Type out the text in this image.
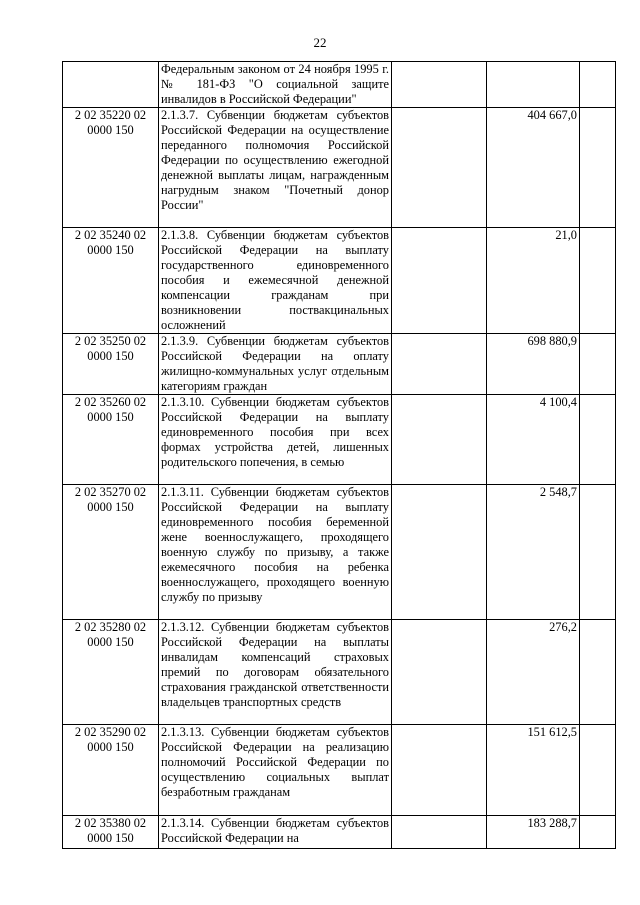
22
	Федеральным законом от 24 ноября 1995 г. № 181-ФЗ "О социальной защите инвалидов в Российской Федерации"			
2 02 35220 02 0000 150	2.1.3.7. Субвенции бюджетам субъектов Российской Федерации на осуществление переданного полномочия Российской Федерации по осуществлению ежегодной денежной выплаты лицам, награжденным нагрудным знаком "Почетный донор России"		404 667,0	
2 02 35240 02 0000 150	2.1.3.8. Субвенции бюджетам субъектов Российской Федерации на выплату государственного единовременного пособия и ежемесячной денежной компенсации гражданам при возникновении поствакцинальных осложнений		21,0	
2 02 35250 02 0000 150	2.1.3.9. Субвенции бюджетам субъектов Российской Федерации на оплату жилищно-коммунальных услуг отдельным категориям граждан		698 880,9	
2 02 35260 02 0000 150	2.1.3.10. Субвенции бюджетам субъектов Российской Федерации на выплату единовременного пособия при всех формах устройства детей, лишенных родительского попечения, в семью		4 100,4	
2 02 35270 02 0000 150	2.1.3.11. Субвенции бюджетам субъектов Российской Федерации на выплату единовременного пособия беременной жене военнослужащего, проходящего военную службу по призыву, а также ежемесячного пособия на ребенка военнослужащего, проходящего военную службу по призыву		2 548,7	
2 02 35280 02 0000 150	2.1.3.12. Субвенции бюджетам субъектов Российской Федерации на выплаты инвалидам компенсаций страховых премий по договорам обязательного страхования гражданской ответственности владельцев транспортных средств		276,2	
2 02 35290 02 0000 150	2.1.3.13. Субвенции бюджетам субъектов Российской Федерации на реализацию полномочий Российской Федерации по осуществлению социальных выплат безработным гражданам		151 612,5	
2 02 35380 02 0000 150	2.1.3.14. Субвенции бюджетам субъектов Российской Федерации на		183 288,7	
